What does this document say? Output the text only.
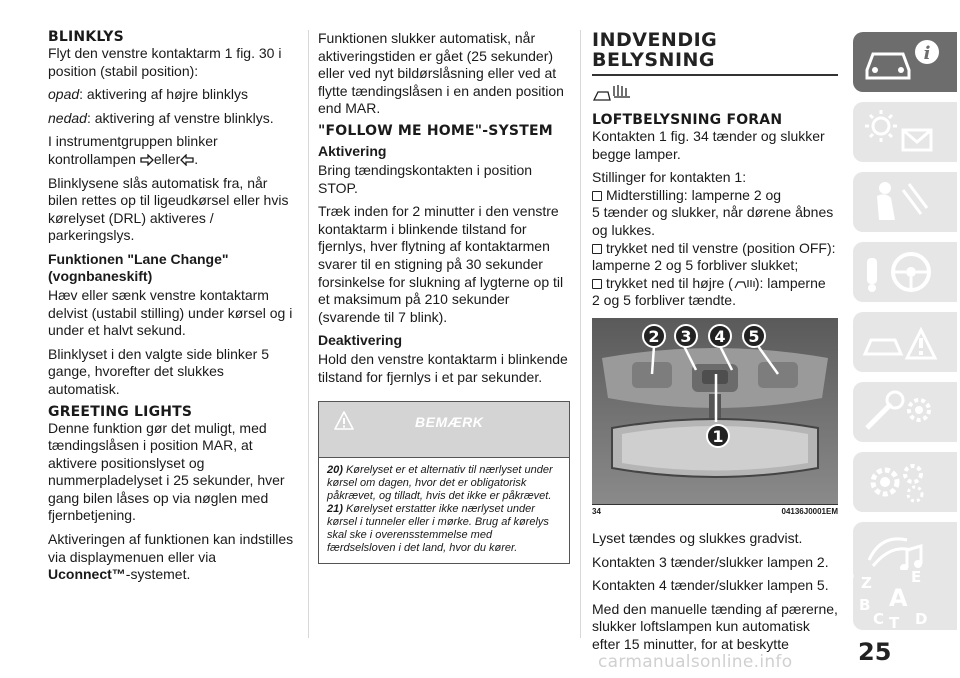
BLINKLYS

Flyt den venstre kontaktarm 1 fig. 30 i position (stabil position):

opad: aktivering af højre blinklys

nedad: aktivering af venstre blinklys.

I instrumentgruppen blinker kontrollampen eller .

Blinklysene slås automatisk fra, når bilen rettes op til ligeudkørsel eller hvis kørelyset (DRL) aktiveres / parkeringslys.

Funktionen "Lane Change" (vognbaneskift)

Hæv eller sænk venstre kontaktarm delvist (ustabil stilling) under kørsel og i under et halvt sekund.

Blinklyset i den valgte side blinker 5 gange, hvorefter det slukkes automatisk.

GREETING LIGHTS

Denne funktion gør det muligt, med tændingslåsen i position MAR, at aktivere positionslyset og nummerpladelyset i 25 sekunder, hver gang bilen låses op via nøglen med fjernbetjening.

Aktiveringen af funktionen kan indstilles via displaymenuen eller via Uconnect™-systemet.

Funktionen slukker automatisk, når aktiveringstiden er gået (25 sekunder) eller ved nyt bildørslåsning eller ved at flytte tændingslåsen i en anden position end MAR.

"FOLLOW ME HOME"-SYSTEM
Aktivering

Bring tændingskontakten i position STOP.

Træk inden for 2 minutter i den venstre kontaktarm i blinkende tilstand for fjernlys, hver flytning af kontaktarmen svarer til en stigning på 30 sekunder forsinkelse for slukning af lygterne op til et maksimum på 210 sekunder (svarende til 7 blink).

Deaktivering

Hold den venstre kontaktarm i blinkende tilstand for fjernlys i et par sekunder.

BEMÆRK
20) Kørelyset er et alternativ til nærlyset under kørsel om dagen, hvor det er obligatorisk påkrævet, og tilladt, hvis det ikke er påkrævet.
21) Kørelyset erstatter ikke nærlyset under kørsel i tunneler eller i mørke. Brug af kørelys skal ske i overensstemmelse med færdselsloven i det land, hvor du kører.
INDVENDIG BELYSNING
LOFTBELYSNING FORAN

Kontakten 1 fig. 34 tænder og slukker begge lamper.

Stillinger for kontakten 1:

Midterstilling: lamperne 2 og
5 tænder og slukker, når dørene åbnes og lukkes.

trykket ned til venstre (position OFF):
lamperne 2 og 5 forbliver slukket;

trykket ned til højre ( ): lamperne
2 og 5 forbliver tændte.

2 3 4 5
1
34	04136J0001EM

Lyset tændes og slukkes gradvist.

Kontakten 3 tænder/slukker lampen 2.

Kontakten 4 tænder/slukker lampen 5.

Med den manuelle tænding af pærerne, slukker loftslampen kun automatisk efter 15 minutter, for at beskytte

i
Z	E
B A
C T D
carmanualsonline.info	25
